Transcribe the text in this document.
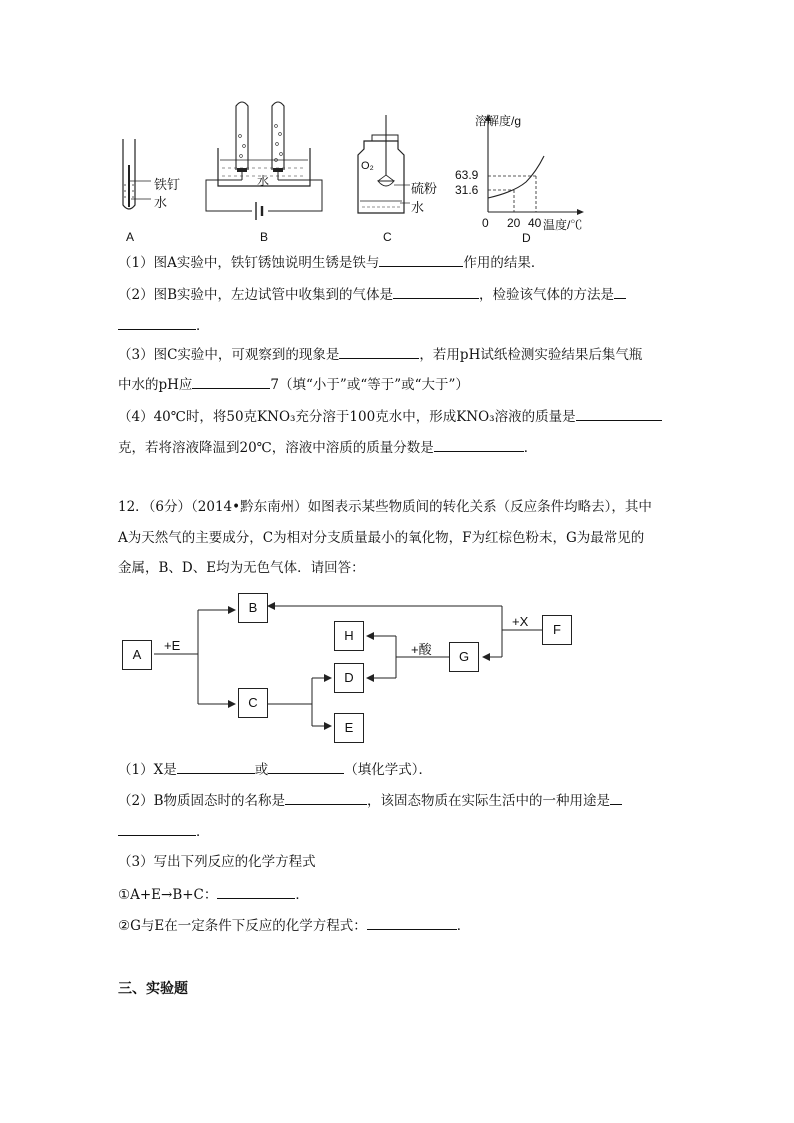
铁钉
水
A
水
B
O₂
硫粉
水
C
溶解度/g
63.9
31.6
0 20 40 温度/℃
D
（1）图A实验中，铁钉锈蚀说明生锈是铁与	作用的结果．
（2）图B实验中，左边试管中收集到的气体是	，检验该气体的方法是
．
（3）图C实验中，可观察到的现象是	，若用pH试纸检测实验结果后集气瓶
中水的pH应	7（填“小于”或“等于”或“大于”）
（4）40℃时，将50克KNO₃充分溶于100克水中，形成KNO₃溶液的质量是
克，若将溶液降温到20℃，溶液中溶质的质量分数是	．
12．（6分）（2014•黔东南州）如图表示某些物质间的转化关系（反应条件均略去），其中
A为天然气的主要成分，C为相对分支质量最小的氧化物，F为红棕色粉末，G为最常见的
金属，B、D、E均为无色气体．请回答：
A
B
C
D
E
F
G
H
+E
+X
+酸
（1）X是	或	（填化学式）．
（2）B物质固态时的名称是	，该固态物质在实际生活中的一种用途是
．
（3）写出下列反应的化学方程式
①A+E→B+C：	．
②G与E在一定条件下反应的化学方程式：	．
三、实验题
